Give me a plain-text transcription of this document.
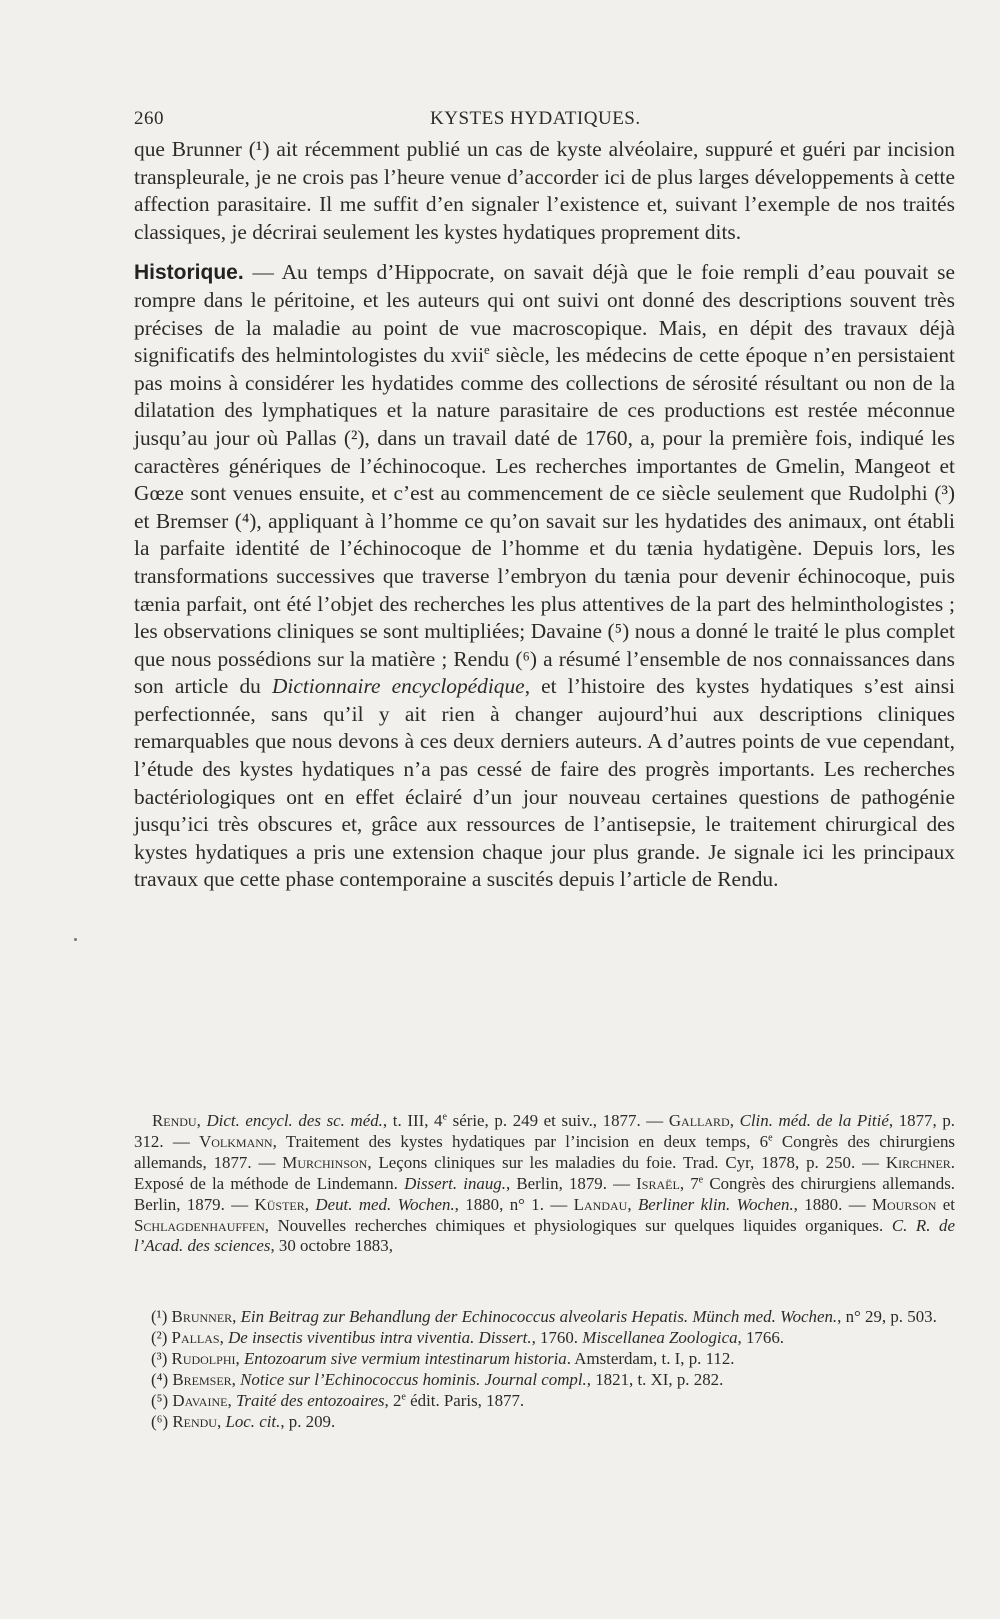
260	KYSTES HYDATIQUES.

que Brunner (¹) ait récemment publié un cas de kyste alvéolaire, suppuré et guéri par incision transpleurale, je ne crois pas l’heure venue d’accorder ici de plus larges développements à cette affection parasitaire. Il me suffit d’en signaler l’existence et, suivant l’exemple de nos traités classiques, je décrirai seulement les kystes hydatiques proprement dits.

Historique. — Au temps d’Hippocrate, on savait déjà que le foie rempli d’eau pouvait se rompre dans le péritoine, et les auteurs qui ont suivi ont donné des descriptions souvent très précises de la maladie au point de vue macroscopique. Mais, en dépit des travaux déjà significatifs des helmintologistes du xvii$^e$ siècle, les médecins de cette époque n’en persistaient pas moins à considérer les hydatides comme des collections de sérosité résultant ou non de la dilatation des lymphatiques et la nature parasitaire de ces productions est restée méconnue jusqu’au jour où Pallas (²), dans un travail daté de 1760, a, pour la première fois, indiqué les caractères génériques de l’échinocoque. Les recherches importantes de Gmelin, Mangeot et Gœze sont venues ensuite, et c’est au commencement de ce siècle seulement que Rudolphi (³) et Bremser (⁴), appliquant à l’homme ce qu’on savait sur les hydatides des animaux, ont établi la parfaite identité de l’échinocoque de l’homme et du tænia hydatigène. Depuis lors, les transformations successives que traverse l’embryon du tænia pour devenir échinocoque, puis tænia parfait, ont été l’objet des recherches les plus attentives de la part des helminthologistes ; les observations cliniques se sont multipliées; Davaine (⁵) nous a donné le traité le plus complet que nous possédions sur la matière ; Rendu (⁶) a résumé l’ensemble de nos connaissances dans son article du Dictionnaire encyclopédique, et l’histoire des kystes hydatiques s’est ainsi perfectionnée, sans qu’il y ait rien à changer aujourd’hui aux descriptions cliniques remarquables que nous devons à ces deux derniers auteurs. A d’autres points de vue cependant, l’étude des kystes hydatiques n’a pas cessé de faire des progrès importants. Les recherches bactériologiques ont en effet éclairé d’un jour nouveau certaines questions de pathogénie jusqu’ici très obscures et, grâce aux ressources de l’antisepsie, le traitement chirurgical des kystes hydatiques a pris une extension chaque jour plus grande. Je signale ici les principaux travaux que cette phase contemporaine a suscités depuis l’article de Rendu.

Rendu, Dict. encycl. des sc. méd., t. III, 4e série, p. 249 et suiv., 1877. — Gallard, Clin. méd. de la Pitié, 1877, p. 312. — Volkmann, Traitement des kystes hydatiques par l’incision en deux temps, 6e Congrès des chirurgiens allemands, 1877. — Murchinson, Leçons cliniques sur les maladies du foie. Trad. Cyr, 1878, p. 250. — Kirchner. Exposé de la méthode de Lindemann. Dissert. inaug., Berlin, 1879. — Israël, 7e Congrès des chirurgiens allemands. Berlin, 1879. — Küster, Deut. med. Wochen., 1880, n° 1. — Landau, Berliner klin. Wochen., 1880. — Mourson et Schlagdenhauffen, Nouvelles recherches chimiques et physiologiques sur quelques liquides organiques. C. R. de l’Acad. des sciences, 30 octobre 1883,

(¹) Brunner, Ein Beitrag zur Behandlung der Echinococcus alveolaris Hepatis. Münch med. Wochen., n° 29, p. 503.

(²) Pallas, De insectis viventibus intra viventia. Dissert., 1760. Miscellanea Zoologica, 1766.

(³) Rudolphi, Entozoarum sive vermium intestinarum historia. Amsterdam, t. I, p. 112.

(⁴) Bremser, Notice sur l’Echinococcus hominis. Journal compl., 1821, t. XI, p. 282.

(⁵) Davaine, Traité des entozoaires, 2e édit. Paris, 1877.

(⁶) Rendu, Loc. cit., p. 209.
